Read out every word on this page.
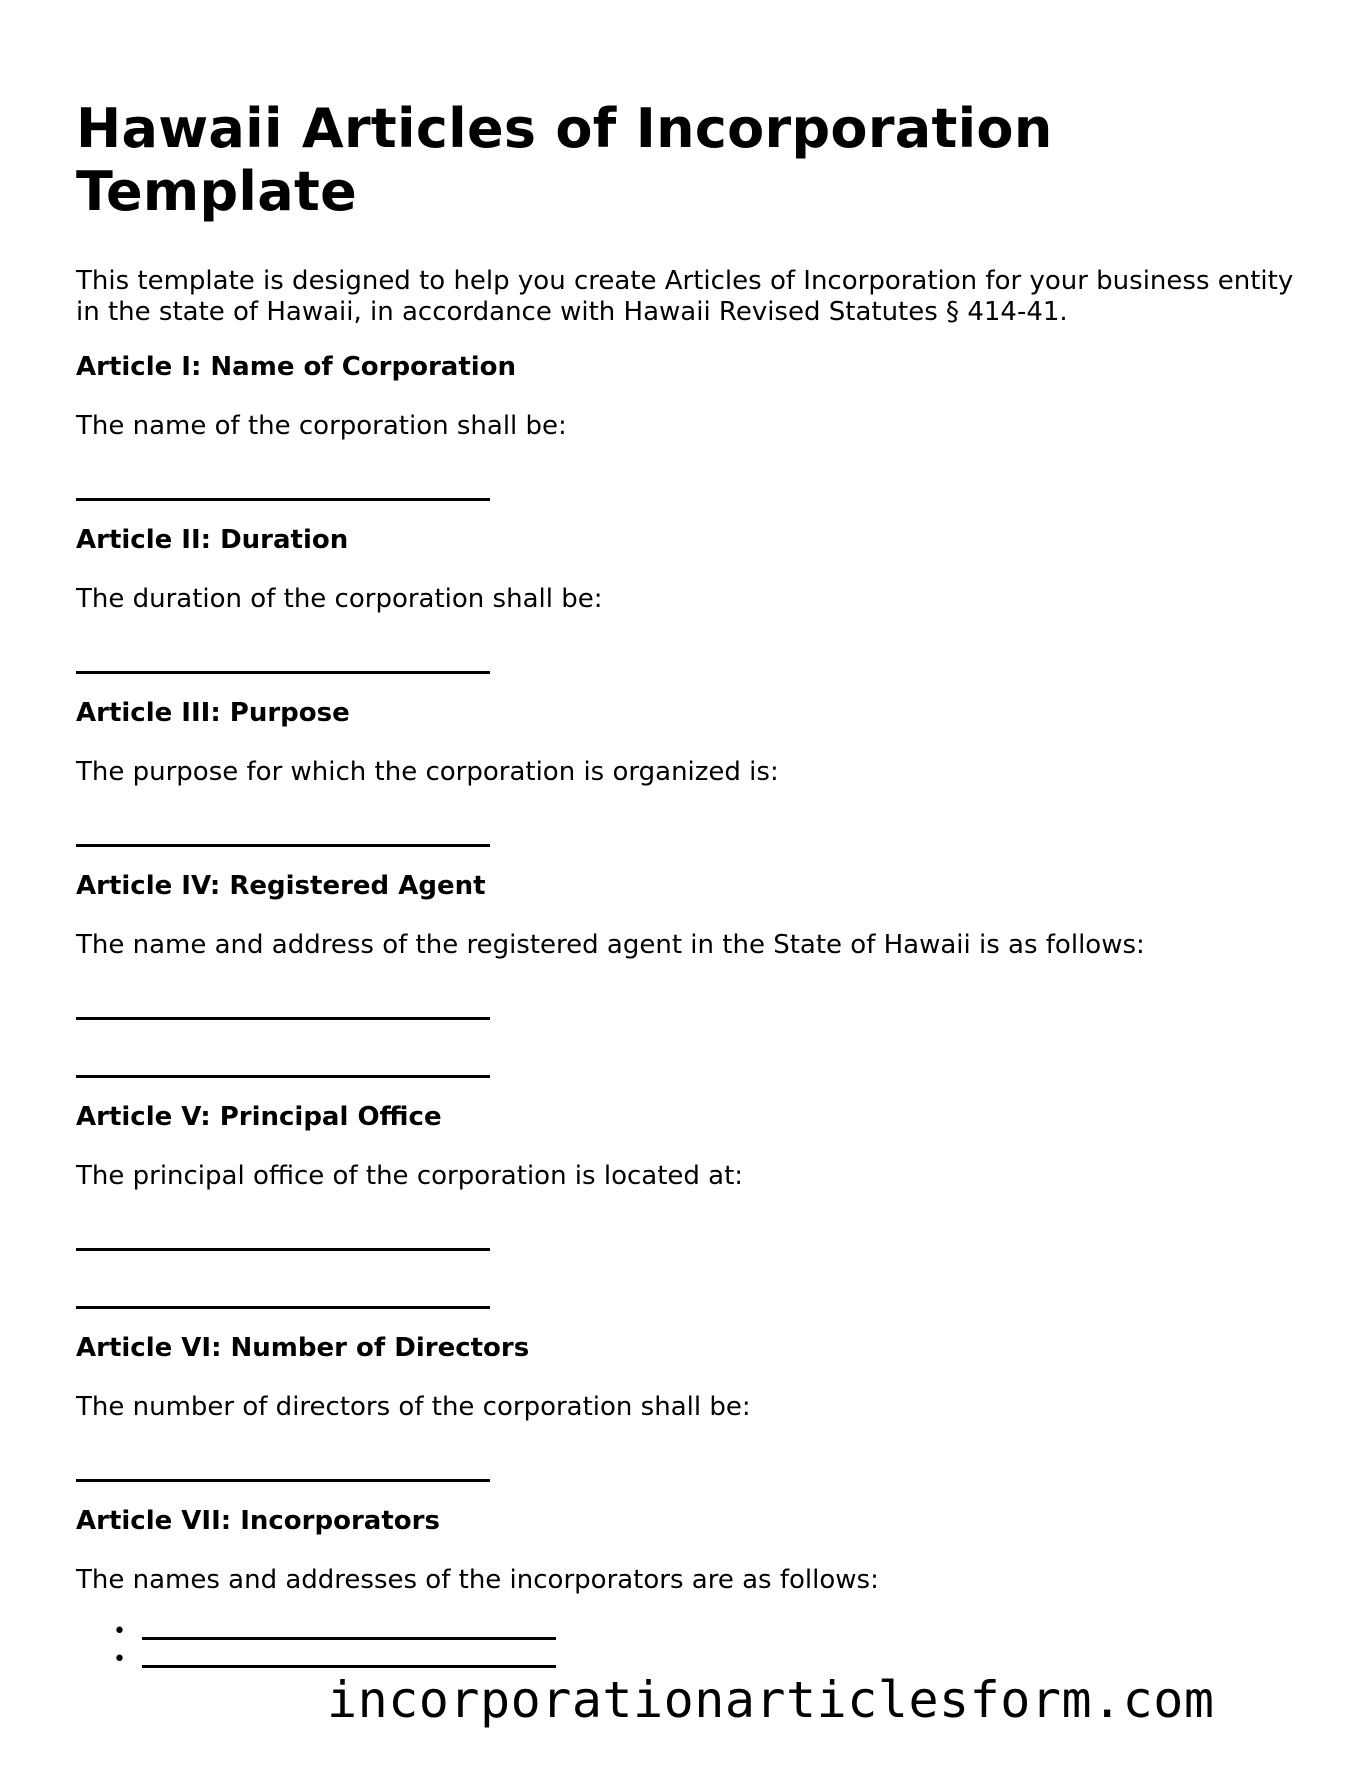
Hawaii Articles of Incorporation Template

This template is designed to help you create Articles of Incorporation for your business entity in the state of Hawaii, in accordance with Hawaii Revised Statutes § 414-41.

Article I: Name of Corporation

The name of the corporation shall be:

Article II: Duration

The duration of the corporation shall be:

Article III: Purpose

The purpose for which the corporation is organized is:

Article IV: Registered Agent

The name and address of the registered agent in the State of Hawaii is as follows:

Article V: Principal Office

The principal office of the corporation is located at:

Article VI: Number of Directors

The number of directors of the corporation shall be:

Article VII: Incorporators

The names and addresses of the incorporators are as follows:

•
•
incorporationarticlesform.com
